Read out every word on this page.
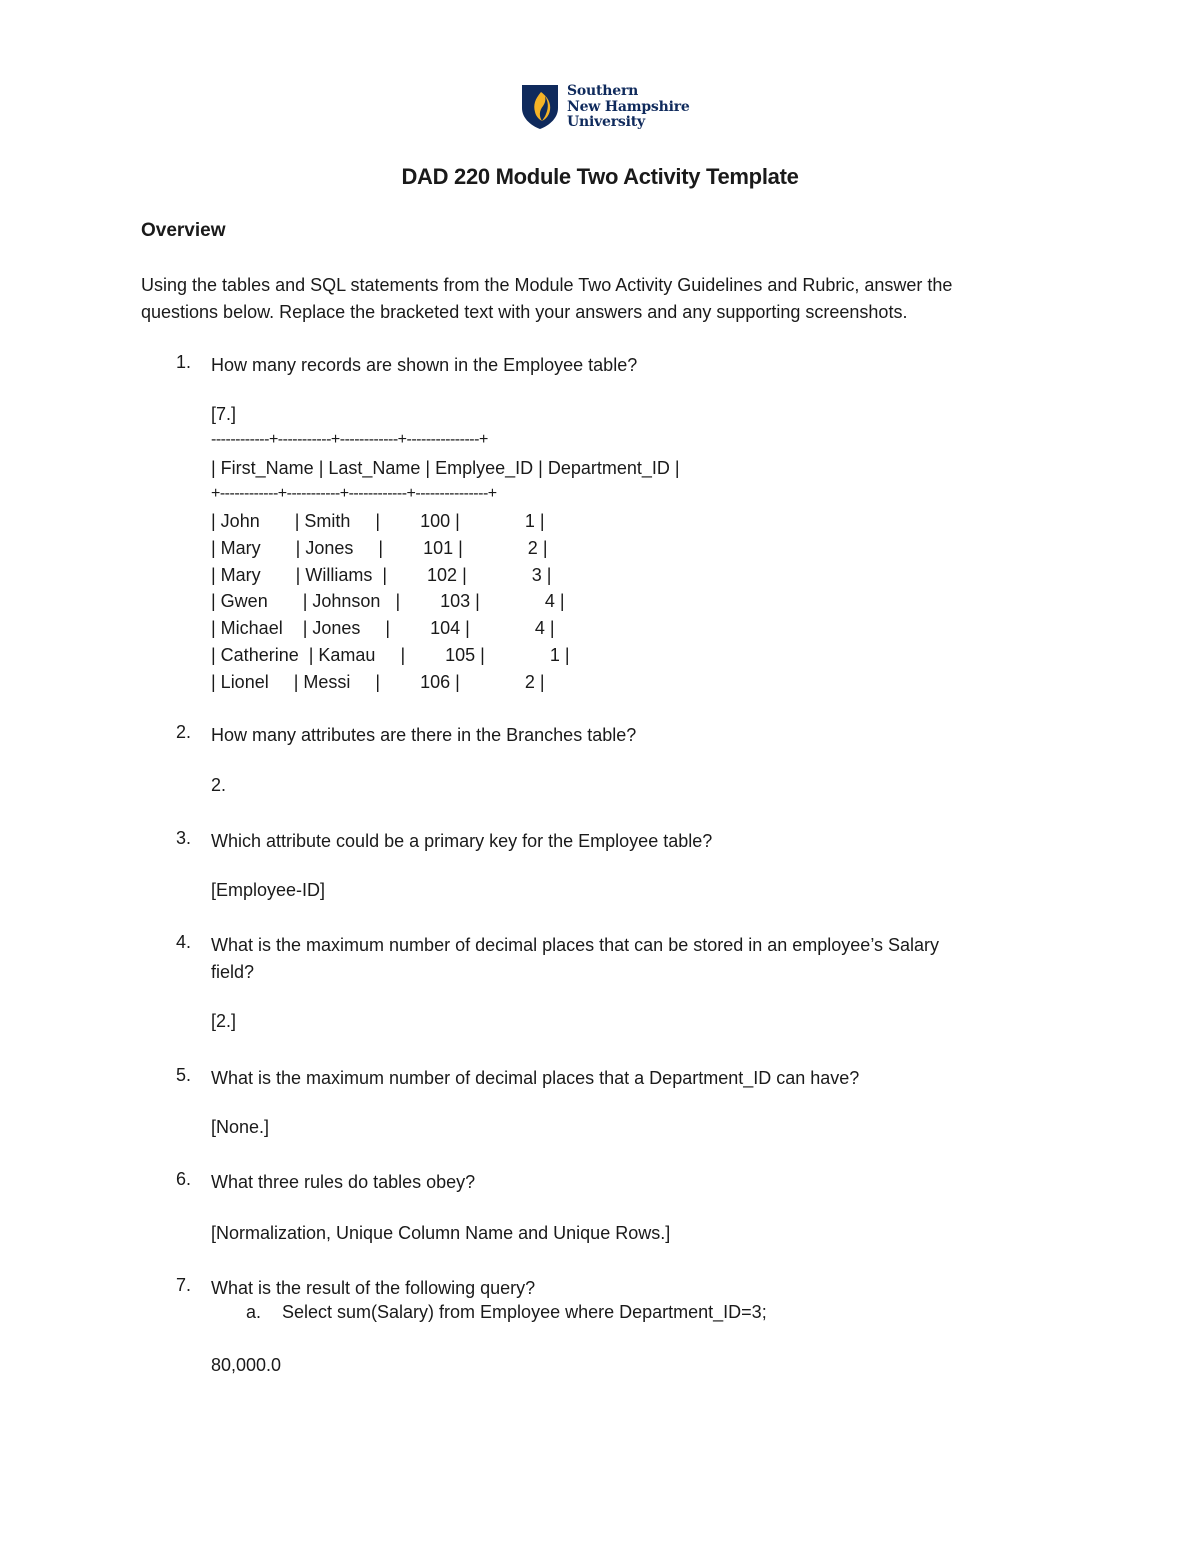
Southern
New Hampshire
University
DAD 220 Module Two Activity Template
Overview
Using the tables and SQL statements from the Module Two Activity Guidelines and Rubric, answer the
questions below. Replace the bracketed text with your answers and any supporting screenshots.
1. How many records are shown in the Employee table?
[7.]
------------+-----------+------------+---------------+
| First_Name | Last_Name | Emplyee_ID | Department_ID |
+------------+-----------+------------+---------------+
| John       | Smith     |        100 |             1 |
| Mary       | Jones     |        101 |             2 |
| Mary       | Williams  |        102 |             3 |
| Gwen       | Johnson   |        103 |             4 |
| Michael    | Jones     |        104 |             4 |
| Catherine  | Kamau     |        105 |             1 |
| Lionel     | Messi     |        106 |             2 |
2. How many attributes are there in the Branches table?
2.
3. Which attribute could be a primary key for the Employee table?
[Employee-ID]
4. What is the maximum number of decimal places that can be stored in an employee’s Salary
field?
[2.]
5. What is the maximum number of decimal places that a Department_ID can have?
[None.]
6. What three rules do tables obey?
[Normalization, Unique Column Name and Unique Rows.]
7. What is the result of the following query?
a. Select sum(Salary) from Employee where Department_ID=3;
80,000.0
